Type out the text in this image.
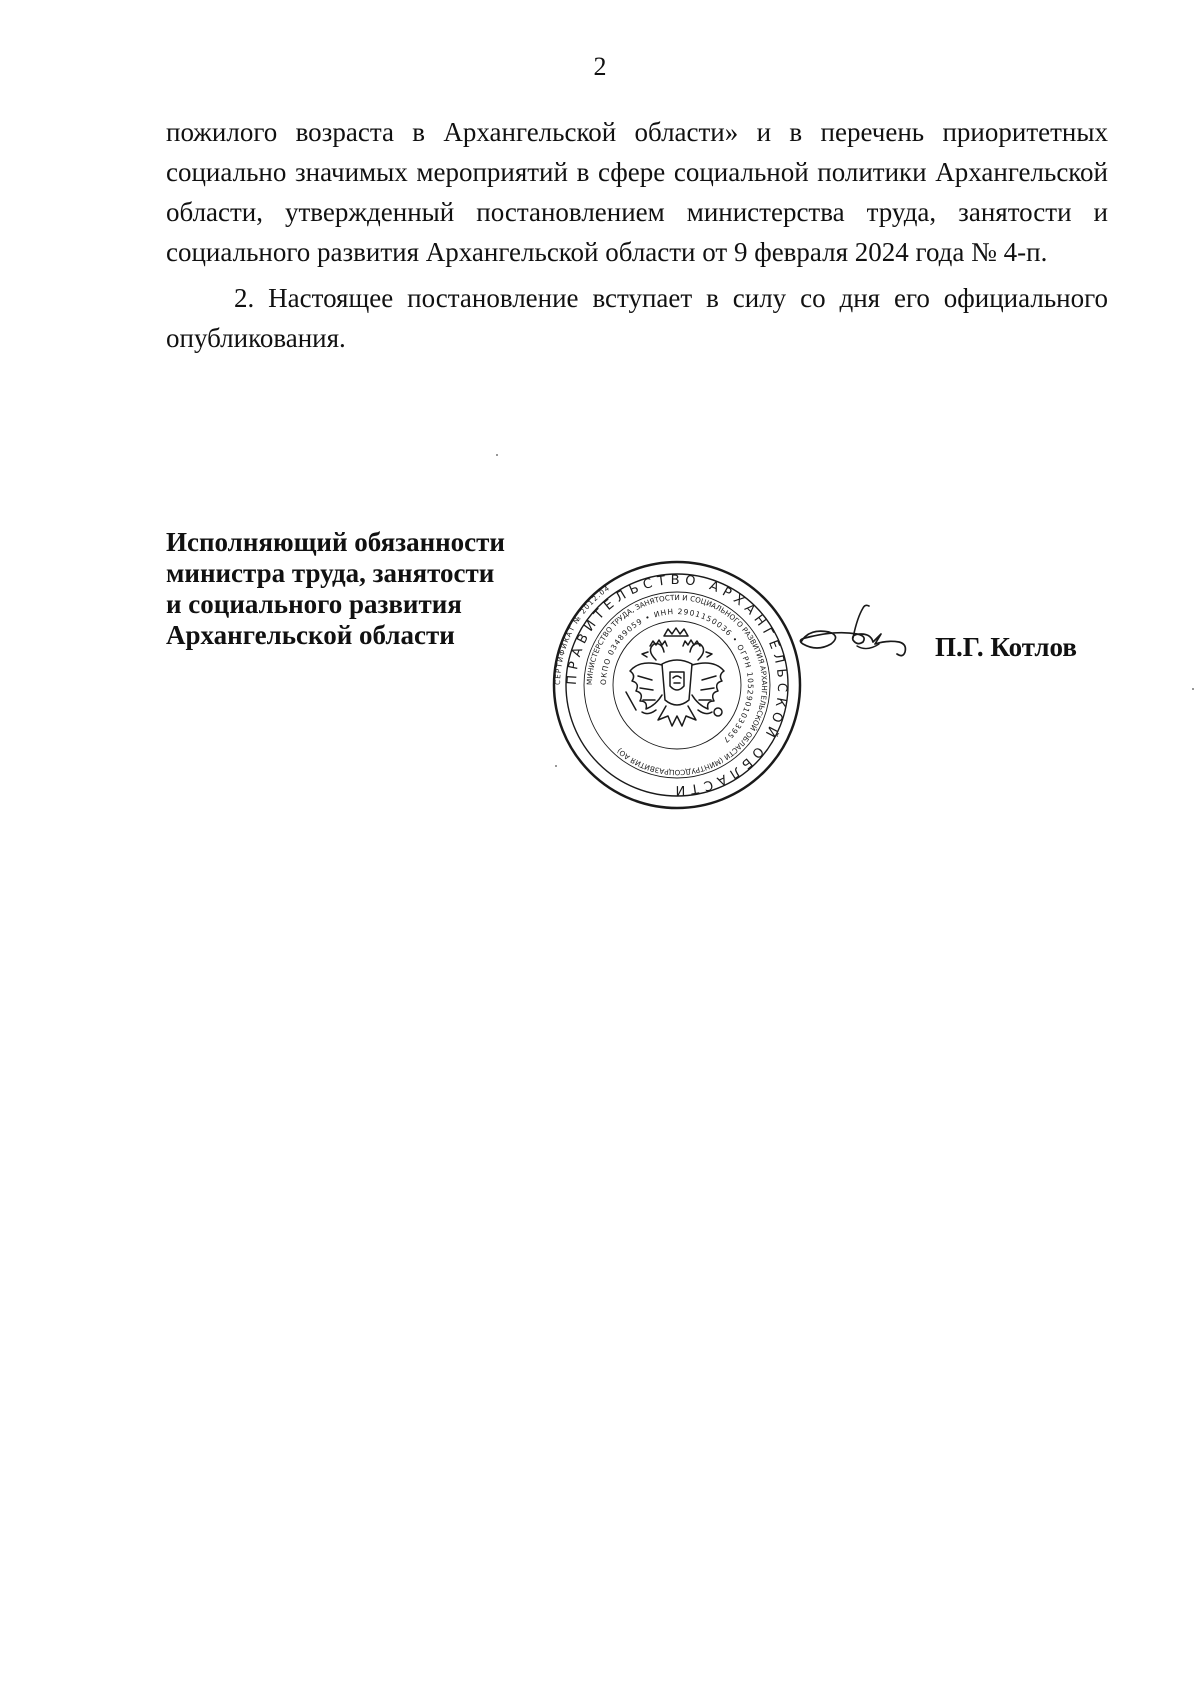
2

пожилого возраста в Архангельской области» и в перечень приоритетных социально значимых мероприятий в сфере социальной политики Архангельской области, утвержденный постановлением министерства труда, занятости и социального развития Архангельской области от 9 февраля 2024 года № 4-п.

2. Настоящее постановление вступает в силу со дня его официального опубликования.

Исполняющий обязанности
министра труда, занятости
и социального развития
Архангельской области
СЕРТИФИКАТ № 2012.04
ПРАВИТЕЛЬСТВО АРХАНГЕЛЬСКОЙ ОБЛАСТИ
МИНИСТЕРСТВО ТРУДА, ЗАНЯТОСТИ И СОЦИАЛЬНОГО РАЗВИТИЯ АРХАНГЕЛЬСКОЙ ОБЛАСТИ (МИНТРУДСОЦРАЗВИТИЯ АО)
ОКПО 03489059 • ИНН 2901150036 • ОГРН 1052901033957
П.Г. Котлов
